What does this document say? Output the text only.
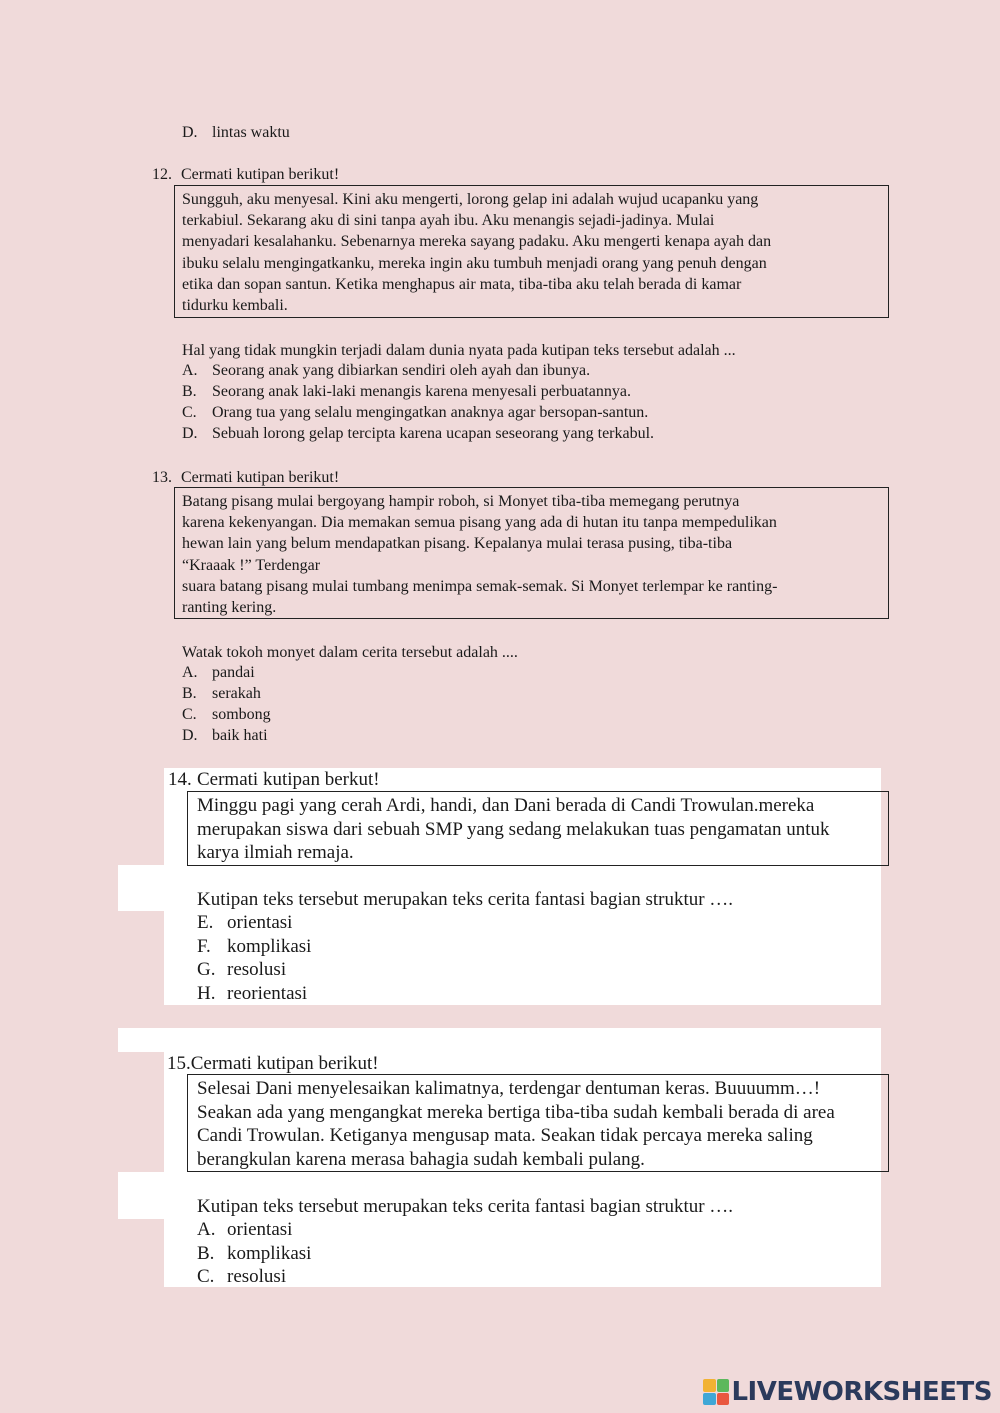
D. lintas waktu
12. Cermati kutipan berikut!

Sungguh, aku menyesal. Kini aku mengerti, lorong gelap ini adalah wujud ucapanku yang

terkabiul. Sekarang aku di sini tanpa ayah ibu. Aku menangis sejadi-jadinya. Mulai

menyadari kesalahanku. Sebenarnya mereka sayang padaku. Aku mengerti kenapa ayah dan

ibuku selalu mengingatkanku, mereka ingin aku tumbuh menjadi orang yang penuh dengan

etika dan sopan santun. Ketika menghapus air mata, tiba-tiba aku telah berada di kamar

tidurku kembali.

Hal yang tidak mungkin terjadi dalam dunia nyata pada kutipan teks tersebut adalah ...
A. Seorang anak yang dibiarkan sendiri oleh ayah dan ibunya.
B. Seorang anak laki-laki menangis karena menyesali perbuatannya.
C. Orang tua yang selalu mengingatkan anaknya agar bersopan-santun.
D. Sebuah lorong gelap tercipta karena ucapan seseorang yang terkabul.
13. Cermati kutipan berikut!

Batang pisang mulai bergoyang hampir roboh, si Monyet tiba-tiba memegang perutnya

karena kekenyangan. Dia memakan semua pisang yang ada di hutan itu tanpa mempedulikan

hewan lain yang belum mendapatkan pisang. Kepalanya mulai terasa pusing, tiba-tiba

“Kraaak !” Terdengar

suara batang pisang mulai tumbang menimpa semak-semak. Si Monyet terlempar ke ranting-

ranting kering.

Watak tokoh monyet dalam cerita tersebut adalah ....
A. pandai
B. serakah
C. sombong
D. baik hati
14. Cermati kutipan berkut!

Minggu pagi yang cerah Ardi, handi, dan Dani berada di Candi Trowulan.mereka

merupakan siswa dari sebuah SMP yang sedang melakukan tuas pengamatan untuk

karya ilmiah remaja.

Kutipan teks tersebut merupakan teks cerita fantasi bagian struktur ….
E. orientasi
F. komplikasi
G. resolusi
H. reorientasi
15.Cermati kutipan berikut!

Selesai Dani menyelesaikan kalimatnya, terdengar dentuman keras. Buuuumm…!

Seakan ada yang mengangkat mereka bertiga tiba-tiba sudah kembali berada di area

Candi Trowulan. Ketiganya mengusap mata. Seakan tidak percaya mereka saling

berangkulan karena merasa bahagia sudah kembali pulang.

Kutipan teks tersebut merupakan teks cerita fantasi bagian struktur ….
A. orientasi
B. komplikasi
C. resolusi
LIVEWORKSHEETS
